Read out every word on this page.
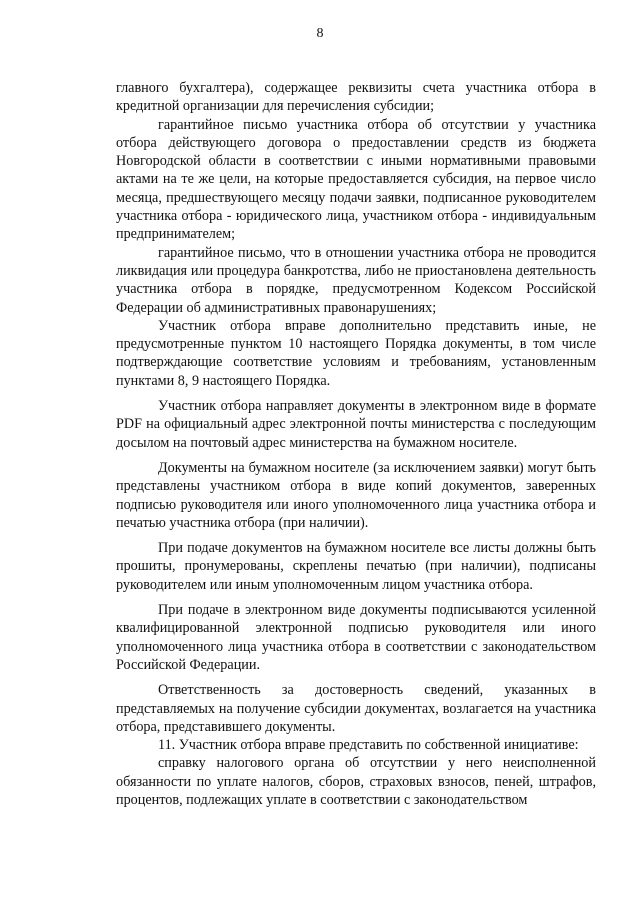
8

главного бухгалтера), содержащее реквизиты счета участника отбора в кредитной организации для перечисления субсидии;

гарантийное письмо участника отбора об отсутствии у участника отбора действующего договора о предоставлении средств из бюджета Новгородской области в соответствии с иными нормативными правовыми актами на те же цели, на которые предоставляется субсидия, на первое число месяца, предшествующего месяцу подачи заявки, подписанное руководителем участника отбора - юридического лица, участником отбора - индивидуальным предпринимателем;

гарантийное письмо, что в отношении участника отбора не проводится ликвидация или процедура банкротства, либо не приостановлена деятельность участника отбора в порядке, предусмотренном Кодексом Российской Федерации об административных правонарушениях;

Участник отбора вправе дополнительно представить иные, не предусмотренные пунктом 10 настоящего Порядка документы, в том числе подтверждающие соответствие условиям и требованиям, установленным пунктами 8, 9 настоящего Порядка.

Участник отбора направляет документы в электронном виде в формате PDF на официальный адрес электронной почты министерства с последующим досылом на почтовый адрес министерства на бумажном носителе.

Документы на бумажном носителе (за исключением заявки) могут быть представлены участником отбора в виде копий документов, заверенных подписью руководителя или иного уполномоченного лица участника отбора и печатью участника отбора (при наличии).

При подаче документов на бумажном носителе все листы должны быть прошиты, пронумерованы, скреплены печатью (при наличии), подписаны руководителем или иным уполномоченным лицом участника отбора.

При подаче в электронном виде документы подписываются усиленной квалифицированной электронной подписью руководителя или иного уполномоченного лица участника отбора в соответствии с законодательством Российской Федерации.

Ответственность за достоверность сведений, указанных в представляемых на получение субсидии документах, возлагается на участника отбора, представившего документы.

11. Участник отбора вправе представить по собственной инициативе:

справку налогового органа об отсутствии у него неисполненной обязанности по уплате налогов, сборов, страховых взносов, пеней, штрафов, процентов, подлежащих уплате в соответствии с законодательством
